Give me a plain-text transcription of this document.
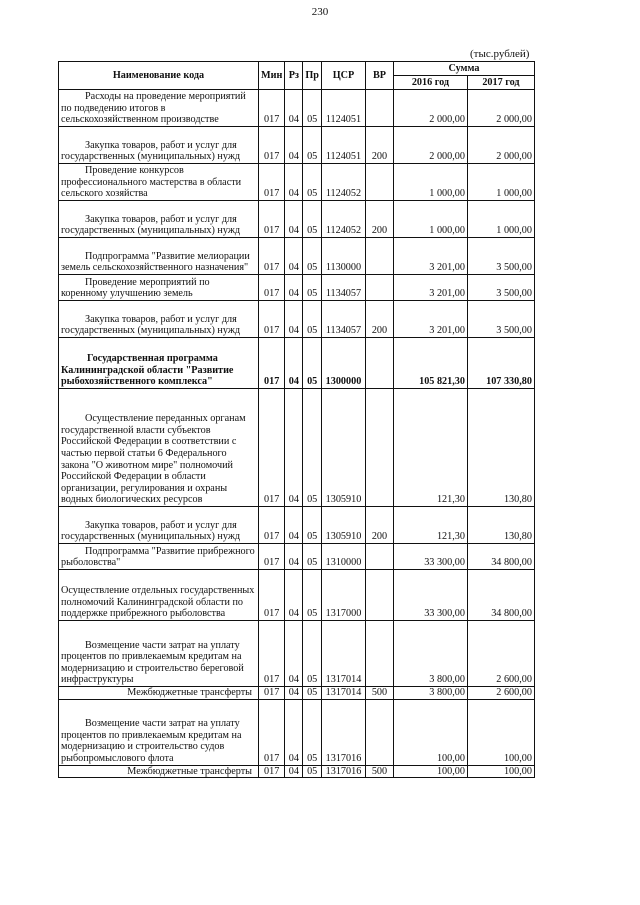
230
(тыс.рублей)
Наименование кода	Мин	Рз	Пр	ЦСР	ВР	Сумма	
						2016 год	2017 год

Расходы на проведение мероприятий по подведению итогов в сельскохозяйственном производстве	017	04	05	1124051		2 000,00	2 000,00

Закупка товаров, работ и услуг для государственных (муниципальных) нужд	017	04	05	1124051	200	2 000,00	2 000,00

Проведение конкурсов профессионального мастерства в области сельского хозяйства	017	04	05	1124052		1 000,00	1 000,00

Закупка товаров, работ и услуг для государственных (муниципальных) нужд	017	04	05	1124052	200	1 000,00	1 000,00

Подпрограмма "Развитие мелиорации земель сельскохозяйственного назначения"	017	04	05	1130000		3 201,00	3 500,00

Проведение мероприятий по коренному улучшению земель	017	04	05	1134057		3 201,00	3 500,00

Закупка товаров, работ и услуг для государственных (муниципальных) нужд	017	04	05	1134057	200	3 201,00	3 500,00

Государственная программа Калининградской области "Развитие рыбохозяйственного комплекса"	017	04	05	1300000		105 821,30	107 330,80

Осуществление переданных органам государственной власти субъектов Российской Федерации в соответствии с частью первой статьи 6 Федерального закона "О животном мире" полномочий Российской Федерации в области организации, регулирования и охраны водных биологических ресурсов	017	04	05	1305910		121,30	130,80

Закупка товаров, работ и услуг для государственных (муниципальных) нужд	017	04	05	1305910	200	121,30	130,80

Подпрограмма "Развитие прибрежного рыболовства"	017	04	05	1310000		33 300,00	34 800,00

Осуществление отдельных государственных полномочий Калининградской области по поддержке прибрежного рыболовства	017	04	05	1317000		33 300,00	34 800,00

Возмещение части затрат на уплату процентов по привлекаемым кредитам на модернизацию и строительство береговой инфраструктуры	017	04	05	1317014		3 800,00	2 600,00

Межбюджетные трансферты	017	04	05	1317014	500	3 800,00	2 600,00

Возмещение части затрат на уплату процентов по привлекаемым кредитам на модернизацию и строительство судов рыбопромыслового флота	017	04	05	1317016		100,00	100,00

Межбюджетные трансферты	017	04	05	1317016	500	100,00	100,00
